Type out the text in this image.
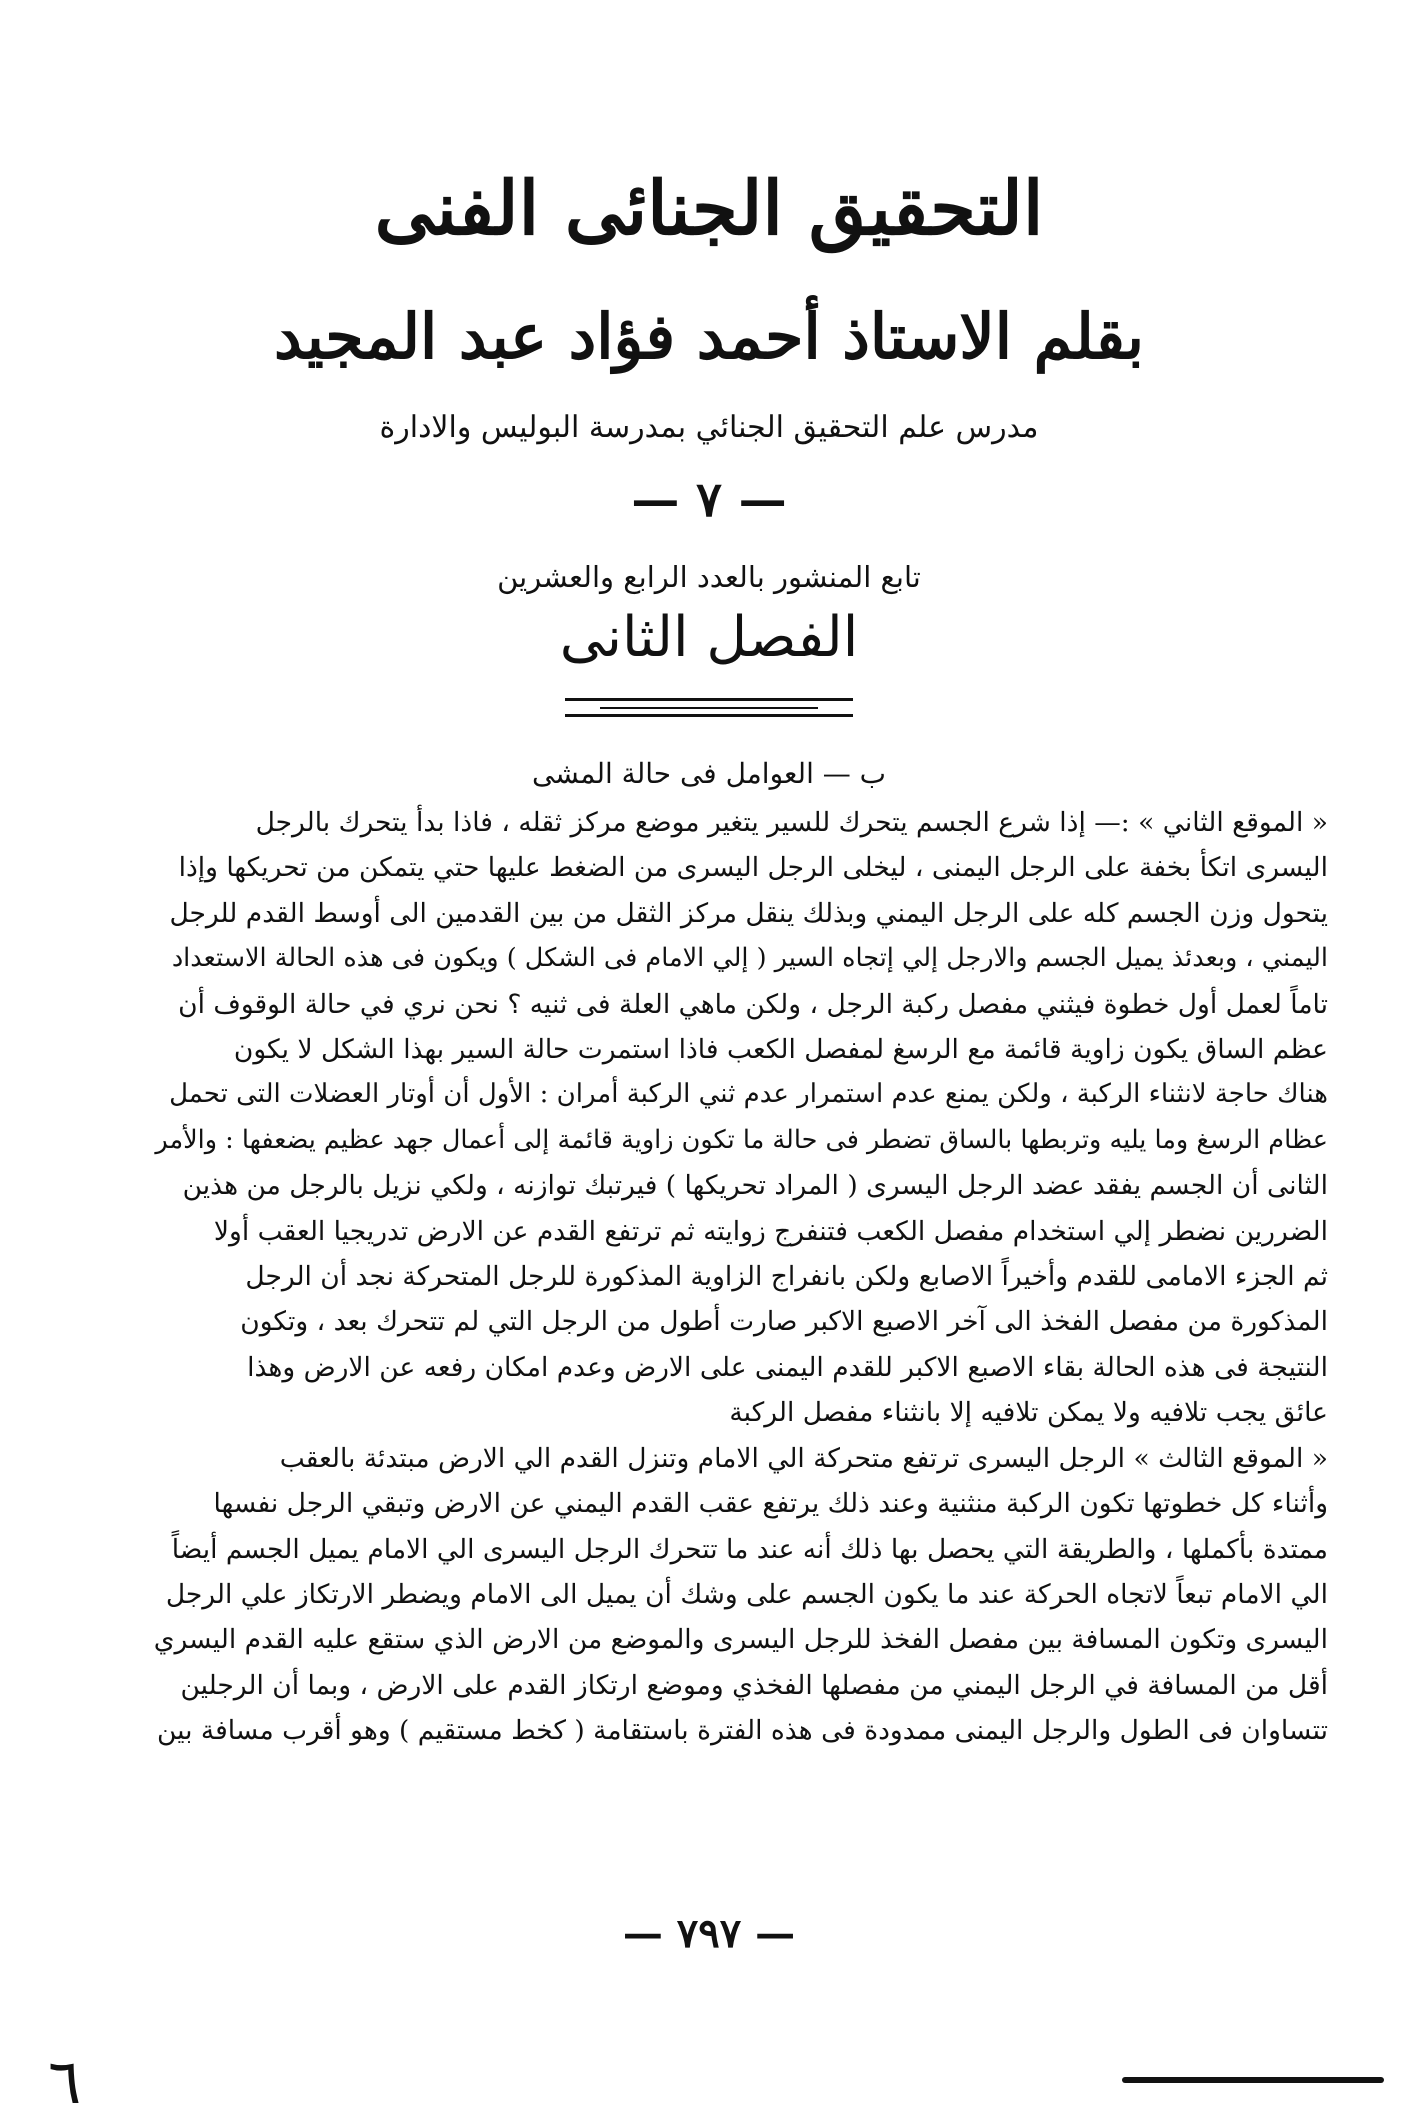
التحقيق الجنائى الفنى
بقلم الاستاذ أحمد فؤاد عبد المجيد
مدرس علم التحقيق الجنائي بمدرسة البوليس والادارة
— ٧ —
تابع المنشور بالعدد الرابع والعشرين
الفصل الثانى
ب — العوامل فى حالة المشى
« الموقع الثاني » :— إذا شرع الجسم يتحرك للسير يتغير موضع مركز ثقله ، فاذا بدأ يتحرك بالرجل
اليسرى اتكأ بخفة على الرجل اليمنى ، ليخلى الرجل اليسرى من الضغط عليها حتي يتمكن من تحريكها وإذا
يتحول وزن الجسم كله على الرجل اليمني وبذلك ينقل مركز الثقل من بين القدمين الى أوسط القدم للرجل
اليمني ، وبعدئذ يميل الجسم والارجل إلي إتجاه السير ( إلي الامام فى الشكل ) ويكون فى هذه الحالة الاستعداد
تاماً لعمل أول خطوة فيثني مفصل ركبة الرجل ، ولكن ماهي العلة فى ثنيه ؟ نحن نري في حالة الوقوف أن
عظم الساق يكون زاوية قائمة مع الرسغ لمفصل الكعب فاذا استمرت حالة السير بهذا الشكل لا يكون
هناك حاجة لانثناء الركبة ، ولكن يمنع عدم استمرار عدم ثني الركبة أمران : الأول أن أوتار العضلات التى تحمل
عظام الرسغ وما يليه وتربطها بالساق تضطر فى حالة ما تكون زاوية قائمة إلى أعمال جهد عظيم يضعفها : والأمر
الثانى أن الجسم يفقد عضد الرجل اليسرى ( المراد تحريكها ) فيرتبك توازنه ، ولكي نزيل بالرجل من هذين
الضررين نضطر إلي استخدام مفصل الكعب فتنفرج زوايته ثم ترتفع القدم عن الارض تدريجيا العقب أولا
ثم الجزء الامامى للقدم وأخيراً الاصابع ولكن بانفراج الزاوية المذكورة للرجل المتحركة نجد أن الرجل
المذكورة من مفصل الفخذ الى آخر الاصبع الاكبر صارت أطول من الرجل التي لم تتحرك بعد ، وتكون
النتيجة فى هذه الحالة بقاء الاصبع الاكبر للقدم اليمنى على الارض وعدم امكان رفعه عن الارض وهذا
عائق يجب تلافيه ولا يمكن تلافيه إلا بانثناء مفصل الركبة
« الموقع الثالث » الرجل اليسرى ترتفع متحركة الي الامام وتنزل القدم الي الارض مبتدئة بالعقب
وأثناء كل خطوتها تكون الركبة منثنية وعند ذلك يرتفع عقب القدم اليمني عن الارض وتبقي الرجل نفسها
ممتدة بأكملها ، والطريقة التي يحصل بها ذلك أنه عند ما تتحرك الرجل اليسرى الي الامام يميل الجسم أيضاً
الي الامام تبعاً لاتجاه الحركة عند ما يكون الجسم على وشك أن يميل الى الامام ويضطر الارتكاز علي الرجل
اليسرى وتكون المسافة بين مفصل الفخذ للرجل اليسرى والموضع من الارض الذي ستقع عليه القدم اليسري
أقل من المسافة في الرجل اليمني من مفصلها الفخذي وموضع ارتكاز القدم على الارض ، وبما أن الرجلين
تتساوان فى الطول والرجل اليمنى ممدودة فى هذه الفترة باستقامة ( كخط مستقيم ) وهو أقرب مسافة بين
— ٧٩٧ —
٦
